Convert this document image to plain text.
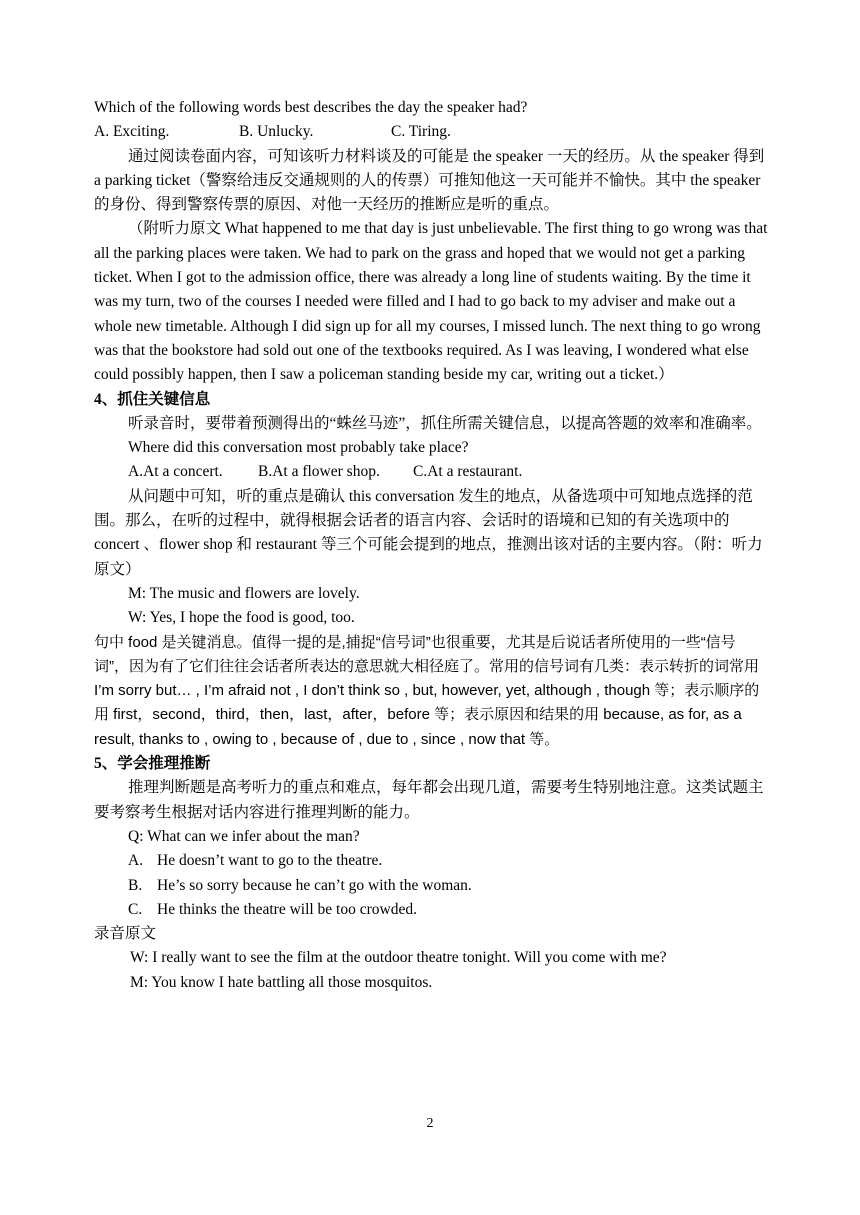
Which of the following words best describes the day the speaker had?

A. Exciting.	B. Unlucky.	C. Tiring.

通过阅读卷面内容，可知该听力材料谈及的可能是 the speaker 一天的经历。从 the speaker 得到 a parking ticket（警察给违反交通规则的人的传票）可推知他这一天可能并不愉快。其中 the speaker 的身份、得到警察传票的原因、对他一天经历的推断应是听的重点。

（附听力原文 What happened to me that day is just unbelievable. The first thing to go wrong was that all the parking places were taken. We had to park on the grass and hoped that we would not get a parking ticket. When I got to the admission office, there was already a long line of students waiting. By the time it was my turn, two of the courses I needed were filled and I had to go back to my adviser and make out a whole new timetable. Although I did sign up for all my courses, I missed lunch. The next thing to go wrong was that the bookstore had sold out one of the textbooks required. As I was leaving, I wondered what else could possibly happen, then I saw a policeman standing beside my car, writing out a ticket.）

4、抓住关键信息

听录音时，要带着预测得出的“蛛丝马迹”，抓住所需关键信息，以提高答题的效率和准确率。

Where did this conversation most probably take place?

A.At a concert. B.At a flower shop. C.At a restaurant.

从问题中可知，听的重点是确认 this conversation 发生的地点，从备选项中可知地点选择的范围。那么，在听的过程中，就得根据会话者的语言内容、会话时的语境和已知的有关选项中的 concert 、flower shop 和 restaurant 等三个可能会提到的地点，推测出该对话的主要内容。（附：听力原文）

M: The music and flowers are lovely.

W: Yes, I hope the food is good, too.

句中 food 是关键消息。值得一提的是,捕捉“信号词”也很重要，尤其是后说话者所使用的一些“信号词”，因为有了它们往往会话者所表达的意思就大相径庭了。常用的信号词有几类：表示转折的词常用 I’m sorry but… , I’m afraid not , I don’t think so , but, however, yet, although , though 等；表示顺序的用 first，second，third，then，last，after，before 等；表示原因和结果的用 because, as for, as a result, thanks to , owing to , because of , due to , since , now that 等。

5、学会推理推断

推理判断题是高考听力的重点和难点，每年都会出现几道，需要考生特别地注意。这类试题主要考察考生根据对话内容进行推理判断的能力。

Q: What can we infer about the man?

A. He doesn’t want to go to the theatre.

B. He’s so sorry because he can’t go with the woman.

C. He thinks the theatre will be too crowded.

录音原文

W: I really want to see the film at the outdoor theatre tonight. Will you come with me?

M: You know I hate battling all those mosquitos.

2
